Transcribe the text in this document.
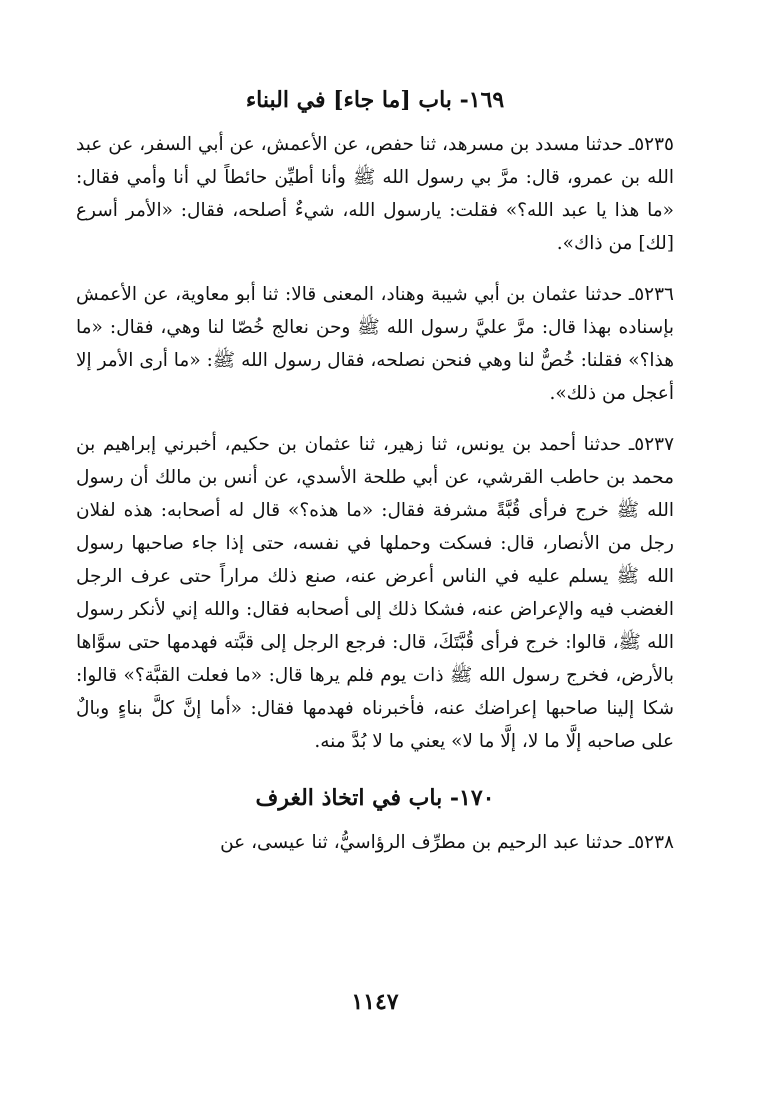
١٦٩- باب [ما جاء] في البناء

٥٢٣٥ـ حدثنا مسدد بن مسرهد، ثنا حفص، عن الأعمش، عن أبي السفر، عن عبد الله بن عمرو، قال: مرَّ بي رسول الله ﷺ وأنا أطيِّن حائطاً لي أنا وأمي فقال: «ما هذا يا عبد الله؟» فقلت: يارسول الله، شيءٌ أصلحه، فقال: «الأمر أسرع [لك] من ذاك».

٥٢٣٦ـ حدثنا عثمان بن أبي شيبة وهناد، المعنى قالا: ثنا أبو معاوية، عن الأعمش بإسناده بهذا قال: مرَّ عليَّ رسول الله ﷺ وحن نعالج خُصّا لنا وهي، فقال: «ما هذا؟» فقلنا: خُصٌّ لنا وهي فنحن نصلحه، فقال رسول الله ﷺ: «ما أرى الأمر إلا أعجل من ذلك».

٥٢٣٧ـ حدثنا أحمد بن يونس، ثنا زهير، ثنا عثمان بن حكيم، أخبرني إبراهيم بن محمد بن حاطب القرشي، عن أبي طلحة الأسدي، عن أنس بن مالك أن رسول الله ﷺ خرج فرأى قُبَّةً مشرفة فقال: «ما هذه؟» قال له أصحابه: هذه لفلان رجل من الأنصار، قال: فسكت وحملها في نفسه، حتى إذا جاء صاحبها رسول الله ﷺ يسلم عليه في الناس أعرض عنه، صنع ذلك مراراً حتى عرف الرجل الغضب فيه والإعراض عنه، فشكا ذلك إلى أصحابه فقال: والله إني لأنكر رسول الله ﷺ، قالوا: خرج فرأى قُبَّتَكَ، قال: فرجع الرجل إلى قبَّته فهدمها حتى سوَّاها بالأرض، فخرج رسول الله ﷺ ذات يوم فلم يرها قال: «ما فعلت القبَّة؟» قالوا: شكا إلينا صاحبها إعراضك عنه، فأخبرناه فهدمها فقال: «أما إنَّ كلَّ بناءٍ وبالٌ على صاحبه إلَّا ما لا، إلَّا ما لا» يعني ما لا بُدَّ منه.

١٧٠- باب في اتخاذ الغرف

٥٢٣٨ـ حدثنا عبد الرحيم بن مطرِّف الرؤاسيُّ، ثنا عيسى، عن

١١٤٧
